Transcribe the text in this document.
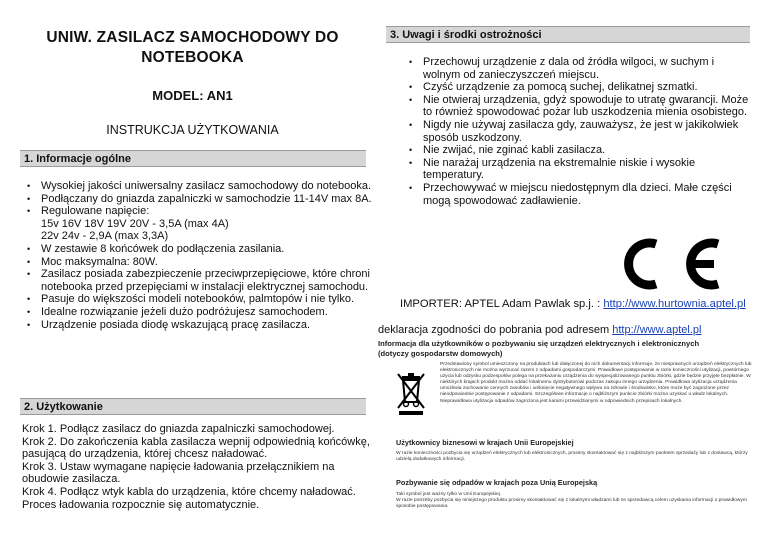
UNIW. ZASILACZ SAMOCHODOWY DO NOTEBOOKA
MODEL: AN1
INSTRUKCJA UŻYTKOWANIA
1. Informacje ogólne
• Wysokiej jakości uniwersalny zasilacz samochodowy do notebooka.
• Podłączany do gniazda zapalniczki w samochodzie 11-14V max 8A.
• Regulowane napięcie:
15v 16V 18V 19V 20V - 3,5A (max 4A)
22v 24v - 2,9A (max 3,3A)
• W zestawie 8 końcówek do podłączenia zasilania.
• Moc maksymalna: 80W.
• Zasilacz posiada zabezpieczenie przeciwprzepięciowe, które chroni notebooka przed przepięciami w instalacji elektrycznej samochodu.
• Pasuje do większości modeli notebooków, palmtopów i nie tylko.
• Idealne rozwiązanie jeżeli dużo podróżujesz samochodem.
• Urządzenie posiada diodę wskazującą pracę zasilacza.
2. Użytkowanie
Krok 1. Podłącz zasilacz do gniazda zapalniczki samochodowej.
Krok 2. Do zakończenia kabla zasilacza wepnij odpowiednią końcówkę, pasującą do urządzenia, której chcesz naładować.
Krok 3. Ustaw wymagane napięcie ładowania przełącznikiem na obudowie zasilacza.
Krok 4. Podłącz wtyk kabla do urządzenia, które chcemy naładować. Proces ładowania rozpocznie się automatycznie.
3. Uwagi i środki ostrożności
• Przechowuj urządzenie z dala od źródła wilgoci, w suchym i wolnym od zanieczyszczeń miejscu.
• Czyść urządzenie za pomocą suchej, delikatnej szmatki.
• Nie otwieraj urządzenia, gdyż spowoduje to utratę gwarancji. Może to również spowodować pożar lub uszkodzenia mienia osobistego.
• Nigdy nie używaj zasilacza gdy, zauważysz, że jest w jakikolwiek sposób uszkodzony.
• Nie zwijać, nie zginać kabli zasilacza.
• Nie narażaj urządzenia na ekstremalnie niskie i wysokie temperatury.
• Przechowywać w miejscu niedostępnym dla dzieci. Małe części mogą spowodować zadławienie.
IMPORTER: APTEL Adam Pawlak sp.j. : http://www.hurtownia.aptel.pl
deklaracja zgodności do pobrania pod adresem http://www.aptel.pl
Informacja dla użytkowników o pozbywaniu się urządzeń elektrycznych i elektronicznych (dotyczy gospodarstw domowych)
Przedstawiony symbol umieszczony na produktach lub dołączonej do nich dokumentacji informuje, że niesprawnych urządzeń elektrycznych lub elektronicznych nie można wyrzucać razem z odpadami gospodarczymi. Prawidłowe postępowanie w razie konieczności utylizacji, powtórnego użycia lub odzysku podzespołów polega na przekazaniu urządzenia do wyspecjalizowanego punktu zbiórki, gdzie będzie przyjęte bezpłatnie. W niektórych krajach produkt można oddać lokalnemu dystrybutorowi podczas zakupu innego urządzenia. Prawidłowa utylizacja urządzenia umożliwia zachowanie cennych zasobów i uniknięcie negatywnego wpływu na zdrowie i środowisko, które może być zagrożone przez nieodpowiednie postępowanie z odpadami. Szczegółowe informacje o najbliższym punkcie zbiórki można uzyskać u władz lokalnych. Nieprawidłowa utylizacja odpadów zagrożona jest karami przewidzianymi w odpowiednich przepisach lokalnych.
Użytkownicy biznesowi w krajach Unii Europejskiej
W razie konieczności pozbycia się urządzeń elektrycznych lub elektronicznych, prosimy skontaktować się z najbliższym punktem sprzedaży lub z dostawcą, którzy udzielą dodatkowych informacji.
Pozbywanie się odpadów w krajach poza Unią Europejską
Taki symbol jest ważny tylko w Unii Europejskiej.
W razie potrzeby pozbycia się niniejszego produktu prosimy skontaktować się z lokalnymi władzami lub ze sprzedawcą celem uzyskania informacji o prawidłowym sposobie postępowania.
